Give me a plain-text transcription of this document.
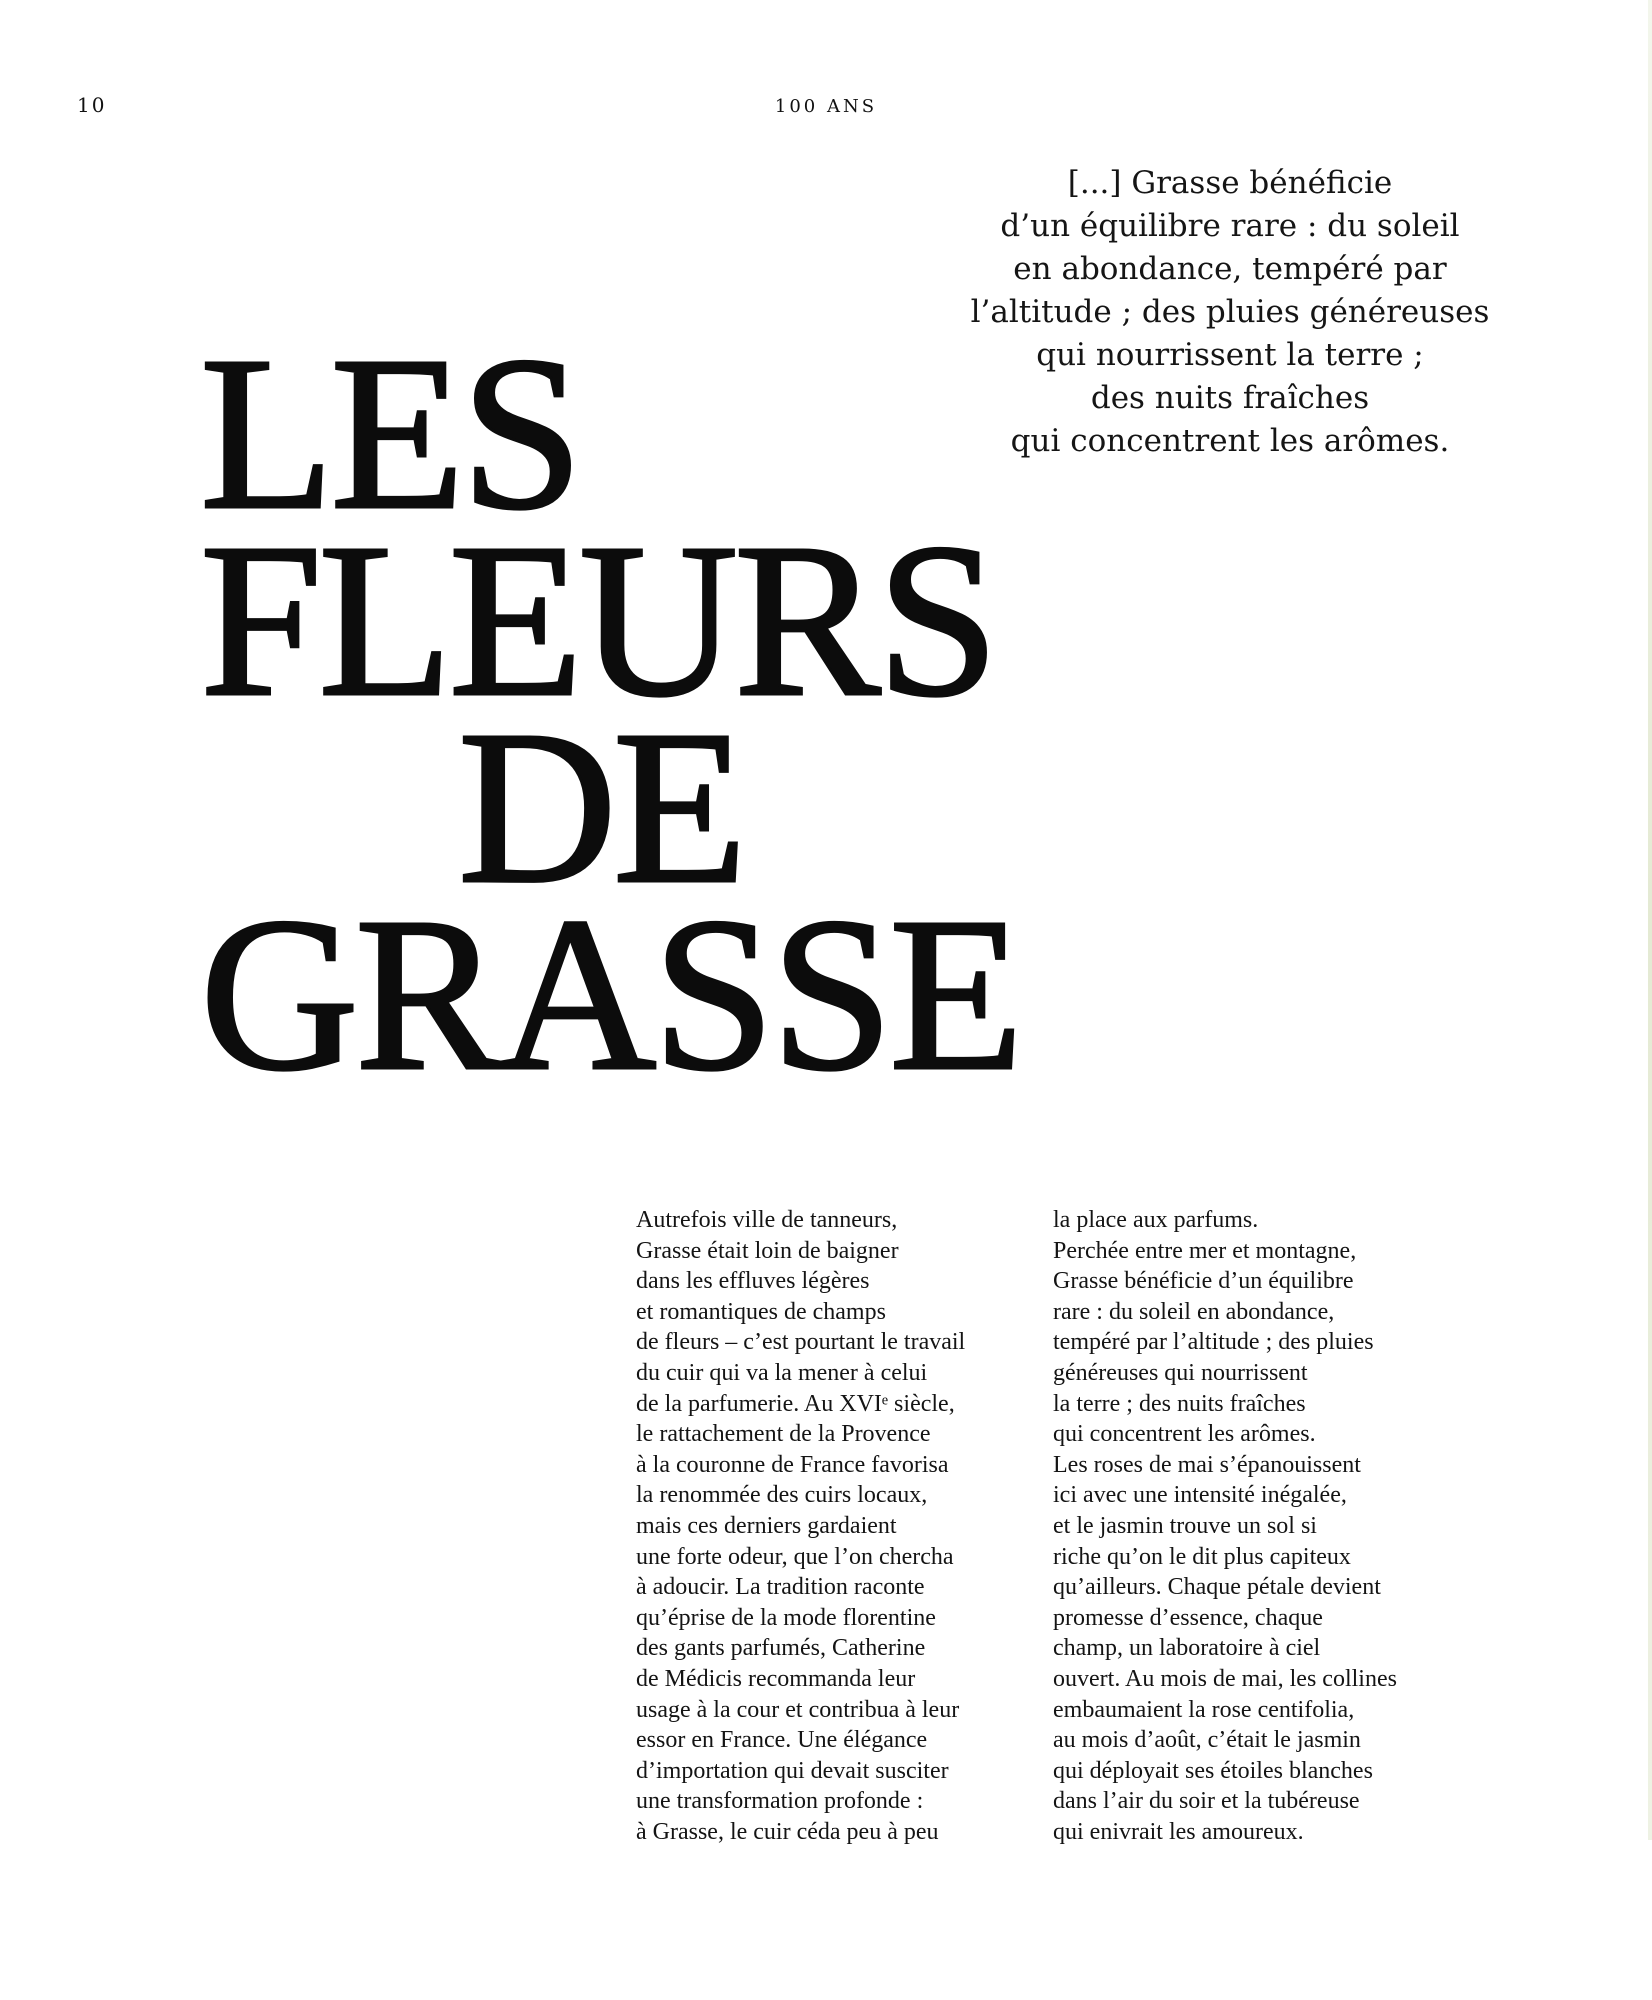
10	100 ANS
[...] Grasse bénéficie
d’un équilibre rare : du soleil
en abondance, tempéré par
l’altitude ; des pluies généreuses
qui nourrissent la terre ;
des nuits fraîches
qui concentrent les arômes.
LES
FLEURS
DE
GRASSE
Autrefois ville de tanneurs,
Grasse était loin de baigner
dans les effluves légères
et romantiques de champs
de fleurs – c’est pourtant le travail
du cuir qui va la mener à celui
de la parfumerie. Au XVIᵉ siècle,
le rattachement de la Provence
à la couronne de France favorisa
la renommée des cuirs locaux,
mais ces derniers gardaient
une forte odeur, que l’on chercha
à adoucir. La tradition raconte
qu’éprise de la mode florentine
des gants parfumés, Catherine
de Médicis recommanda leur
usage à la cour et contribua à leur
essor en France. Une élégance
d’importation qui devait susciter
une transformation profonde :
à Grasse, le cuir céda peu à peu
la place aux parfums.
Perchée entre mer et montagne,
Grasse bénéficie d’un équilibre
rare : du soleil en abondance,
tempéré par l’altitude ; des pluies
généreuses qui nourrissent
la terre ; des nuits fraîches
qui concentrent les arômes.
Les roses de mai s’épanouissent
ici avec une intensité inégalée,
et le jasmin trouve un sol si
riche qu’on le dit plus capiteux
qu’ailleurs. Chaque pétale devient
promesse d’essence, chaque
champ, un laboratoire à ciel
ouvert. Au mois de mai, les collines
embaumaient la rose centifolia,
au mois d’août, c’était le jasmin
qui déployait ses étoiles blanches
dans l’air du soir et la tubéreuse
qui enivrait les amoureux.
